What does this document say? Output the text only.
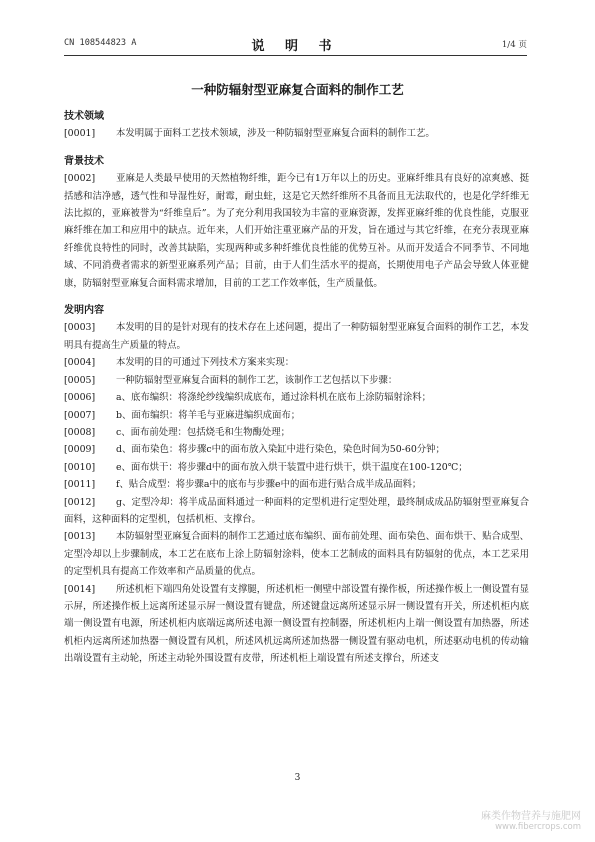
CN 108544823 A	说 明 书	1/4 页
一种防辐射型亚麻复合面料的制作工艺

技术领域

[0001] 本发明属于面料工艺技术领域，涉及一种防辐射型亚麻复合面料的制作工艺。

背景技术

[0002] 亚麻是人类最早使用的天然植物纤维，距今已有1万年以上的历史。亚麻纤维具有良好的凉爽感、挺括感和洁净感，透气性和导湿性好，耐霉，耐虫蛀，这是它天然纤维所不具备而且无法取代的，也是化学纤维无法比拟的，亚麻被誉为“纤维皇后”。为了充分利用我国较为丰富的亚麻资源，发挥亚麻纤维的优良性能，克服亚麻纤维在加工和应用中的缺点。近年来，人们开始注重亚麻产品的开发，旨在通过与其它纤维，在充分表现亚麻纤维优良特性的同时，改善其缺陷，实现两种或多种纤维优良性能的优势互补。从而开发适合不同季节、不同地域、不同消费者需求的新型亚麻系列产品；目前，由于人们生活水平的提高，长期使用电子产品会导致人体亚健康，防辐射型亚麻复合面料需求增加，目前的工艺工作效率低，生产质量低。

发明内容

[0003] 本发明的目的是针对现有的技术存在上述问题，提出了一种防辐射型亚麻复合面料的制作工艺，本发明具有提高生产质量的特点。

[0004] 本发明的目的可通过下列技术方案来实现：

[0005] 一种防辐射型亚麻复合面料的制作工艺，该制作工艺包括以下步骤：

[0006] a、底布编织：将涤纶纱线编织成底布，通过涂料机在底布上涂防辐射涂料；

[0007] b、面布编织：将羊毛与亚麻进编织成面布；

[0008] c、面布前处理：包括烧毛和生物酶处理；

[0009] d、面布染色：将步骤c中的面布放入染缸中进行染色，染色时间为50-60分钟；

[0010] e、面布烘干：将步骤d中的面布放入烘干装置中进行烘干，烘干温度在100-120℃；

[0011] f、贴合成型：将步骤a中的底布与步骤e中的面布进行贴合成半成品面料；

[0012] g、定型冷却：将半成品面料通过一种面料的定型机进行定型处理，最终制成成品防辐射型亚麻复合面料，这种面料的定型机，包括机柜、支撑台。

[0013] 本防辐射型亚麻复合面料的制作工艺通过底布编织、面布前处理、面布染色、面布烘干、贴合成型、定型冷却以上步骤制成，本工艺在底布上涂上防辐射涂料，使本工艺制成的面料具有防辐射的优点，本工艺采用的定型机具有提高工作效率和产品质量的优点。

[0014] 所述机柜下端四角处设置有支撑腿，所述机柜一侧壁中部设置有操作板，所述操作板上一侧设置有显示屏，所述操作板上远离所述显示屏一侧设置有键盘，所述键盘远离所述显示屏一侧设置有开关，所述机柜内底端一侧设置有电源，所述机柜内底端远离所述电源一侧设置有控制器，所述机柜内上端一侧设置有加热器，所述机柜内远离所述加热器一侧设置有风机，所述风机远离所述加热器一侧设置有驱动电机，所述驱动电机的传动输出端设置有主动轮，所述主动轮外围设置有皮带，所述机柜上端设置有所述支撑台，所述支

3
麻类作物营养与施肥网
www.fibercrops.com
